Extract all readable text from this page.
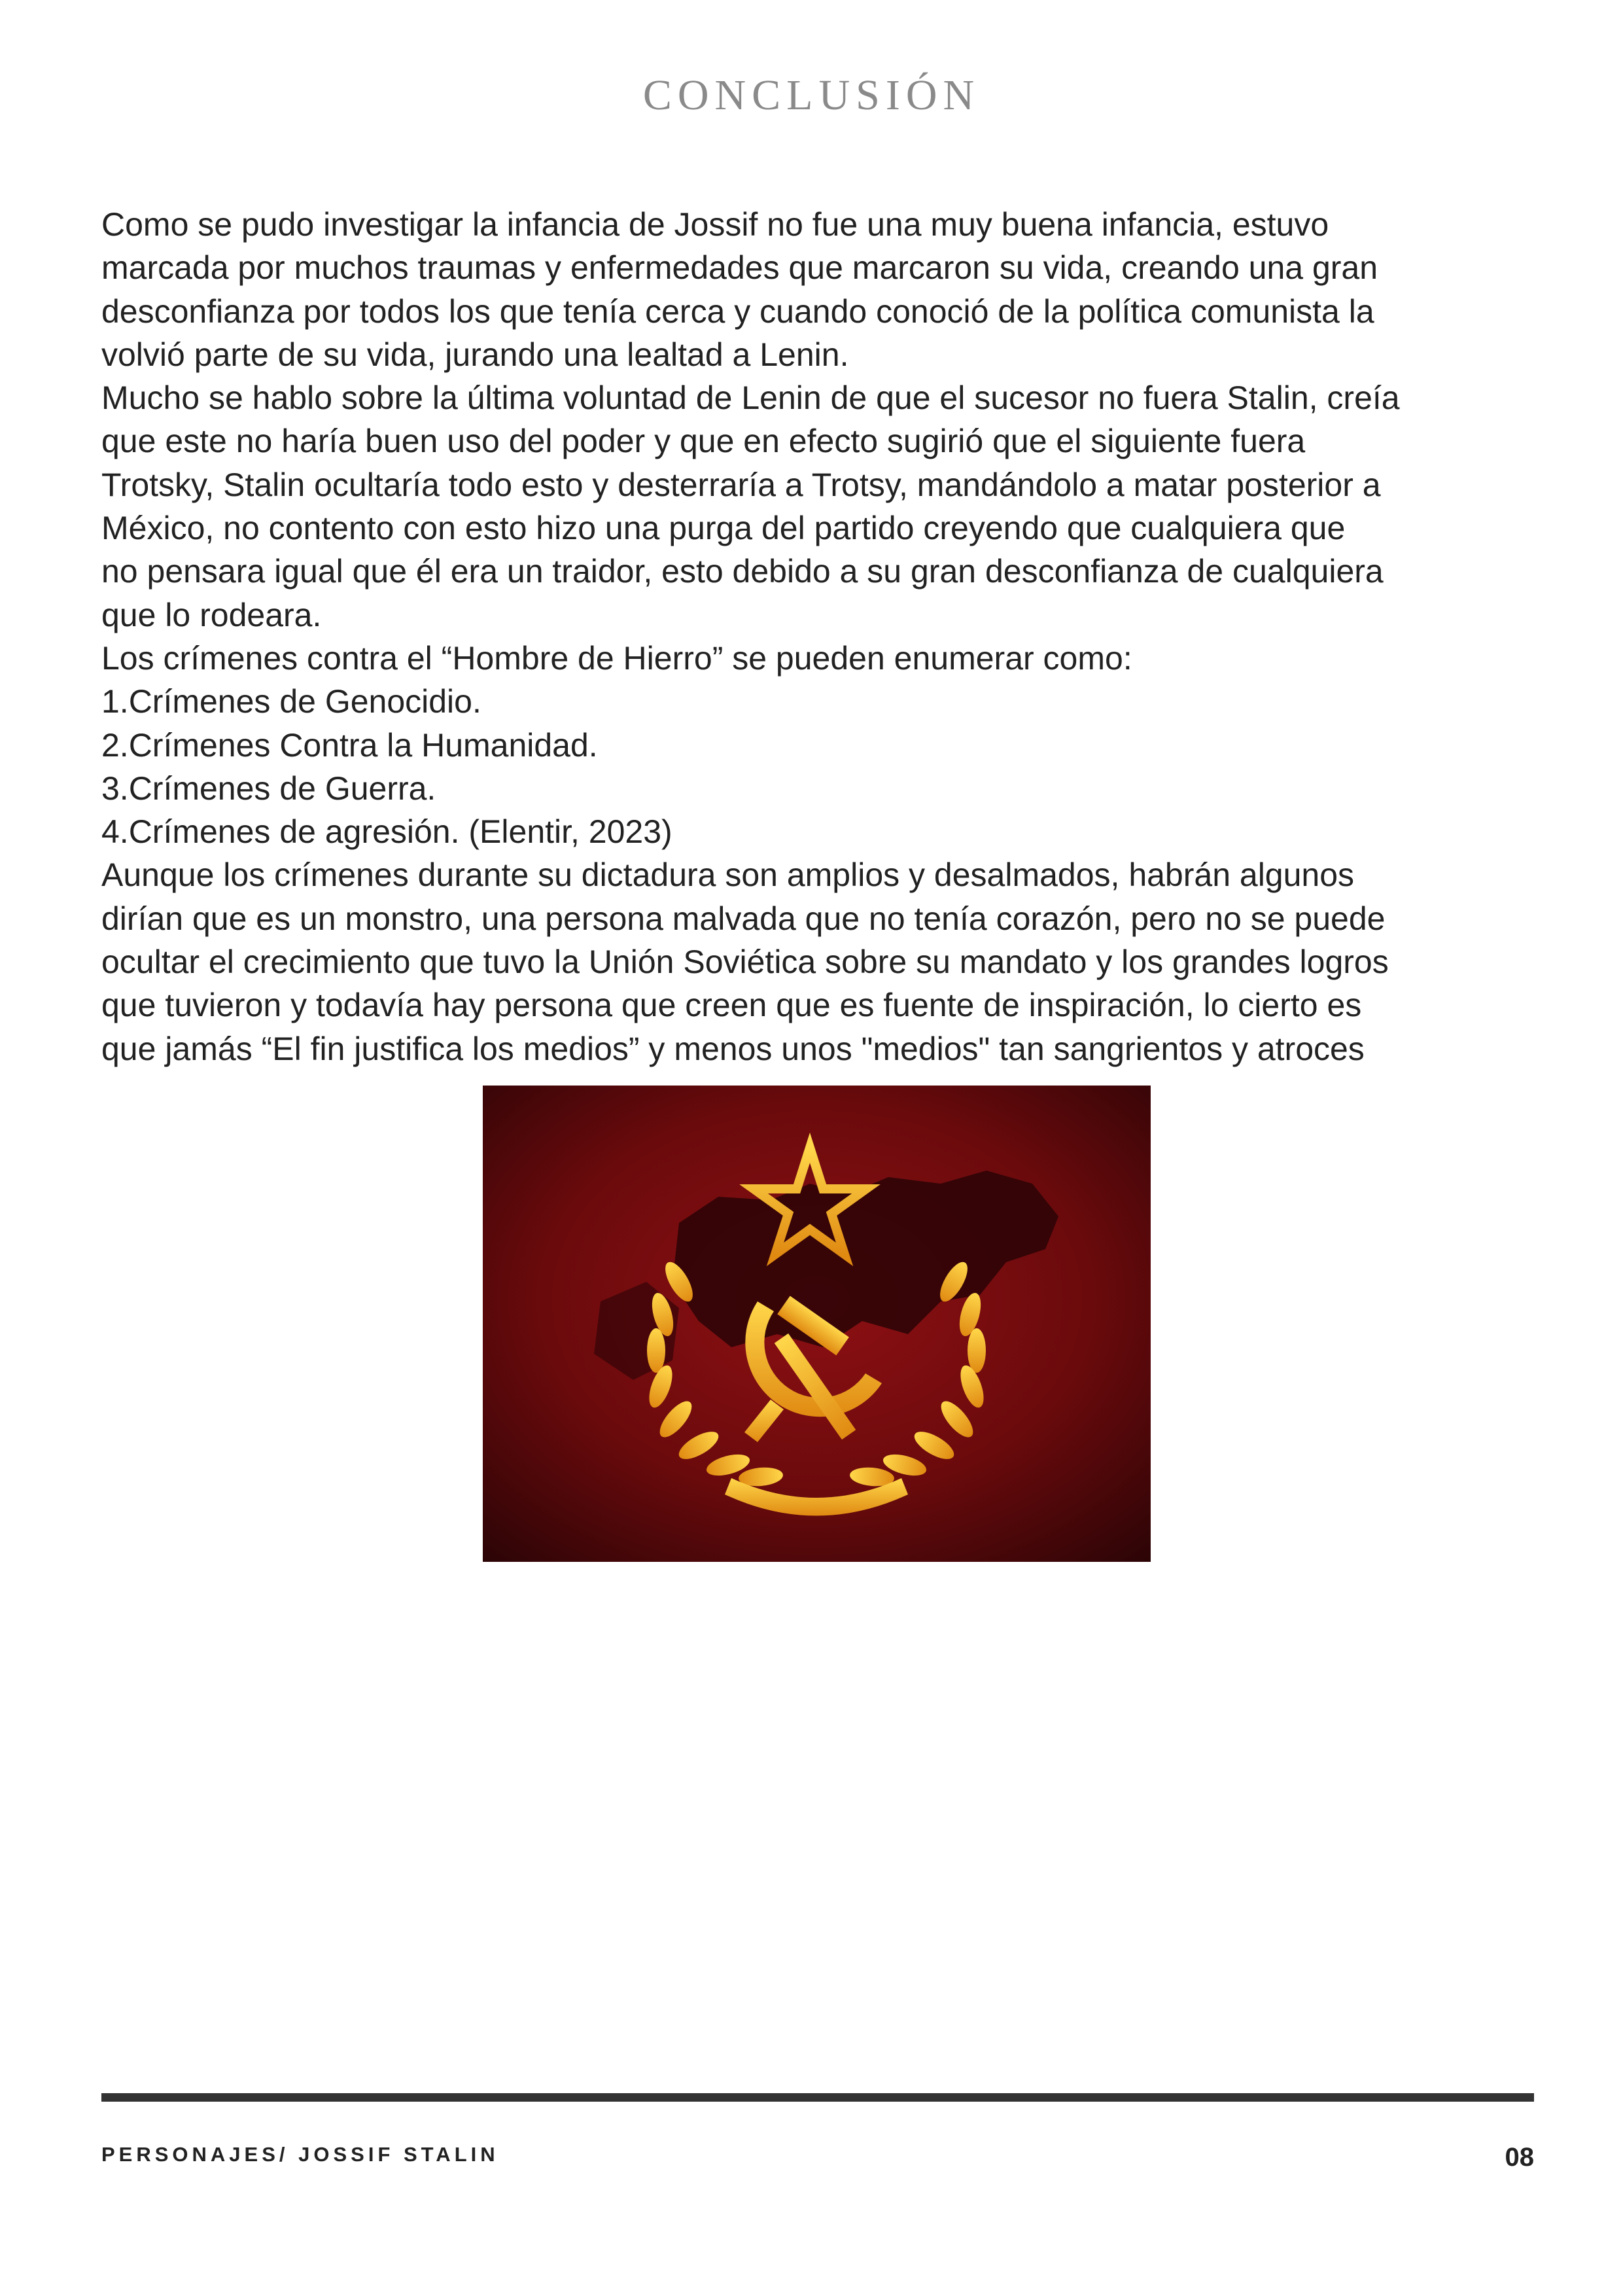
CONCLUSIÓN

Como se pudo investigar la infancia de Jossif no fue una muy buena infancia, estuvo

marcada por muchos traumas y enfermedades que marcaron su vida, creando una gran

desconfianza por todos los que tenía cerca y cuando conoció de la política comunista la

volvió parte de su vida, jurando una lealtad a Lenin.

Mucho se hablo sobre la última voluntad de Lenin de que el sucesor no fuera Stalin, creía

que este no haría buen uso del poder y que en efecto sugirió que el siguiente fuera

Trotsky, Stalin ocultaría todo esto y desterraría a Trotsy, mandándolo a matar posterior a

México, no contento con esto hizo una purga del partido creyendo que cualquiera que

no pensara igual que él era un traidor, esto debido a su gran desconfianza de cualquiera

que lo rodeara.

Los crímenes contra el “Hombre de Hierro” se pueden enumerar como:

1.Crímenes de Genocidio.

2.Crímenes Contra la Humanidad.

3.Crímenes de Guerra.

4.Crímenes de agresión. (Elentir, 2023)

Aunque los crímenes durante su dictadura son amplios y desalmados, habrán algunos

dirían que es un monstro, una persona malvada que no tenía corazón, pero no se puede

ocultar el crecimiento que tuvo la Unión Soviética sobre su mandato y los grandes logros

que tuvieron y todavía hay persona que creen que es fuente de inspiración, lo cierto es

que jamás “El fin justifica los medios” y menos unos "medios" tan sangrientos y atroces

PERSONAJES/ JOSSIF STALIN	08
